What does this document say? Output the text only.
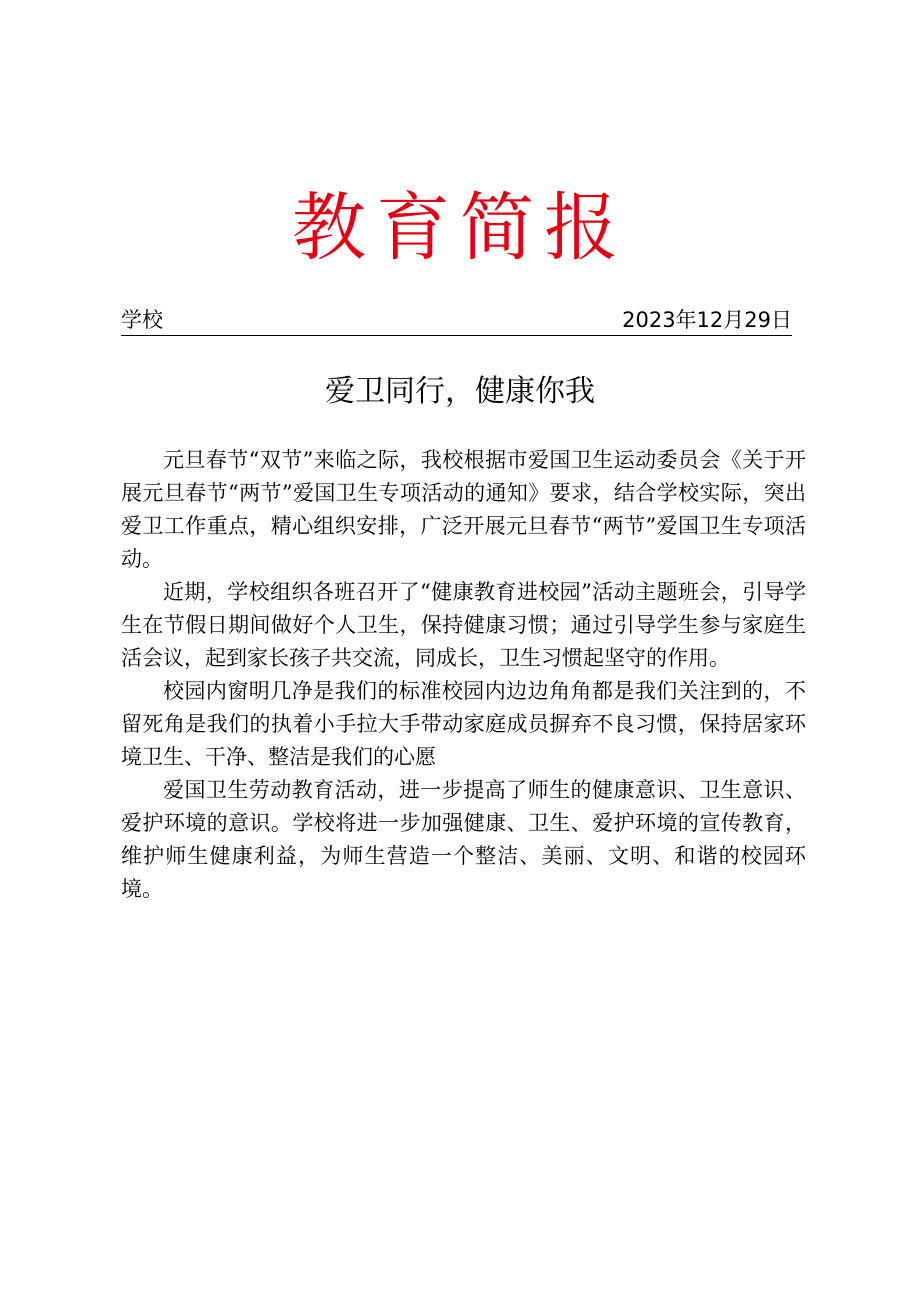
教育简报
学校	2023年12月29日
爱卫同行，健康你我

元旦春节“双节”来临之际，我校根据市爱国卫生运动委员会《关于开展元旦春节“两节”爱国卫生专项活动的通知》要求，结合学校实际，突出爱卫工作重点，精心组织安排，广泛开展元旦春节“两节”爱国卫生专项活动。

近期，学校组织各班召开了“健康教育进校园”活动主题班会，引导学生在节假日期间做好个人卫生，保持健康习惯；通过引导学生参与家庭生活会议，起到家长孩子共交流，同成长，卫生习惯起坚守的作用。

校园内窗明几净是我们的标准校园内边边角角都是我们关注到的，不留死角是我们的执着小手拉大手带动家庭成员摒弃不良习惯，保持居家环境卫生、干净、整洁是我们的心愿

爱国卫生劳动教育活动，进一步提高了师生的健康意识、卫生意识、爱护环境的意识。学校将进一步加强健康、卫生、爱护环境的宣传教育，维护师生健康利益，为师生营造一个整洁、美丽、文明、和谐的校园环境。
